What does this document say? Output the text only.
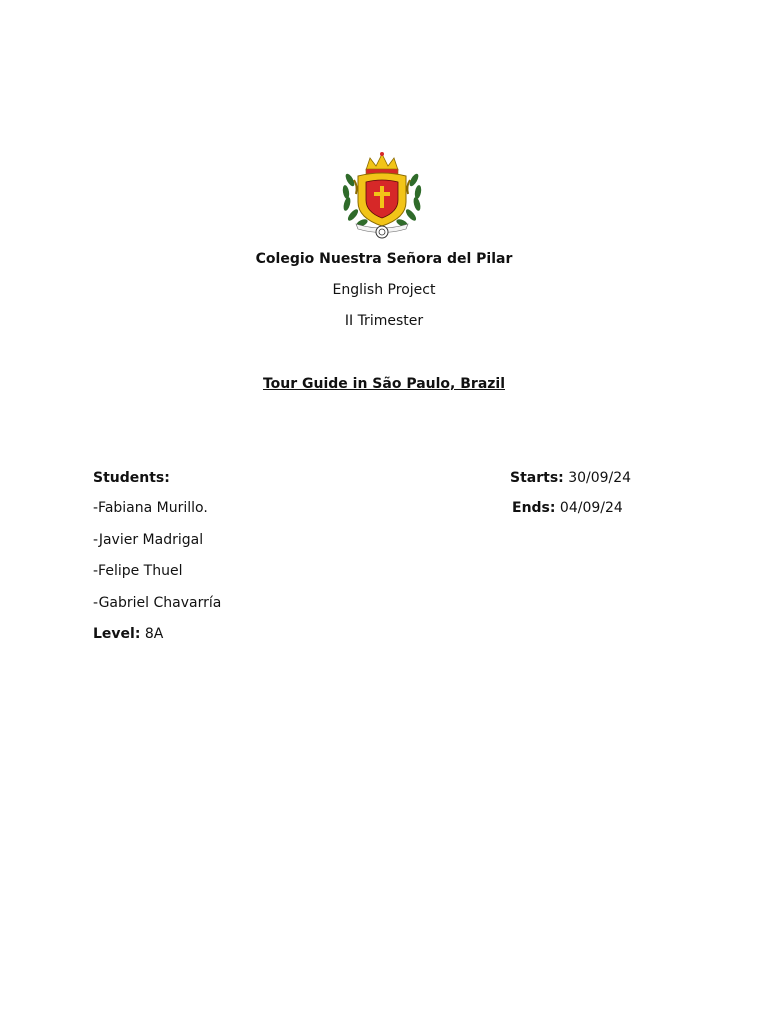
Colegio Nuestra Señora del Pilar
English Project
II Trimester
Tour Guide in São Paulo, Brazil
Students:
-Fabiana Murillo.
-Javier Madrigal
-Felipe Thuel
-Gabriel Chavarría
Level: 8A
Starts: 30/09/24
Ends: 04/09/24
